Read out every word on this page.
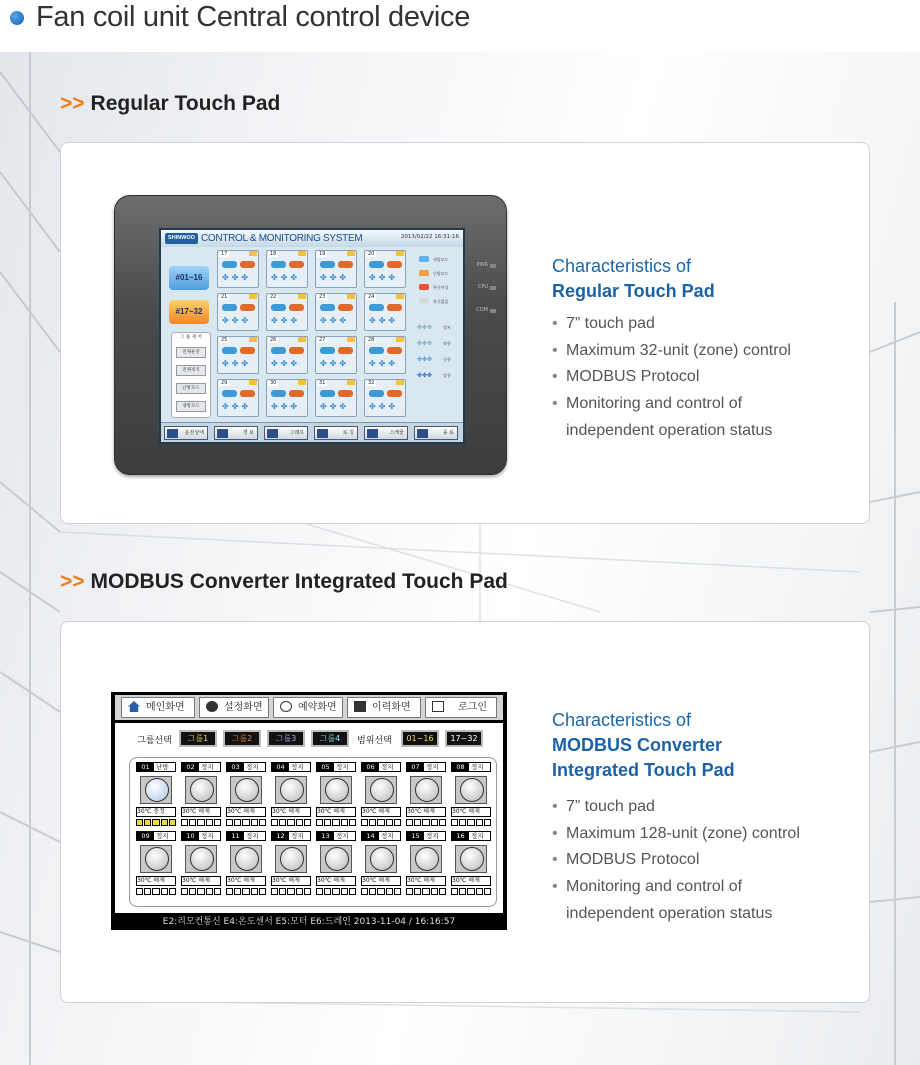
Fan coil unit Central control device
>> Regular Touch Pad
PWR
CPU
COM
SHINWOO CONTROL & MONITORING SYSTEM	2013/02/22 16:31:16
#01~16
#17~32
그 룹 제 어
전체운전
전체정지
난방모드
냉방모드
17
✤✤✤
18
✤✤✤
19
✤✤✤
20
✤✤✤
21
✤✤✤
22
✤✤✤
23
✤✤✤
24
✤✤✤
25
✤✤✤
26
✤✤✤
27
✤✤✤
28
✤✤✤
29
✤✤✤
30
✤✤✤
31
✤✤✤
32
✤✤✤
냉방모드
난방모드
통신이상
통신없음
✤✤✤	정지
✤✤✤	약풍
✤✤✤	중풍
✤✤✤	강풍
운전상태	경 보	그래프	로 깅	스케줄	종 료
Characteristics of
Regular Touch Pad
• 7” touch pad
• Maximum 32-unit (zone) control
• MODBUS Protocol
• Monitoring and control of
independent operation status
>> MODBUS Converter Integrated Touch Pad
메인화면	설정화면	예약화면	이력화면	로그인
그룹선택	그룹1	그룹2	그룹3	그룹4	범위선택	01~16	17~32
01 난방
30℃ 중정
02 정지
30℃ 해제
03 정지
30℃ 해제
04 정지
30℃ 해제
05 정지
30℃ 해제
06 정지
30℃ 해제
07 정지
30℃ 해제
08 정지
30℃ 해제
09 정지
30℃ 해제
10 정지
30℃ 해제
11 정지
30℃ 해제
12 정지
30℃ 해제
13 정지
30℃ 해제
14 정지
30℃ 해제
15 정지
30℃ 해제
16 정지
30℃ 해제
E2:리모컨통신 E4:온도센서 E5:모터 E6:드레인 2013-11-04 / 16:16:57
Characteristics of
MODBUS Converter
Integrated Touch Pad
• 7” touch pad
• Maximum 128-unit (zone) control
• MODBUS Protocol
• Monitoring and control of
independent operation status
